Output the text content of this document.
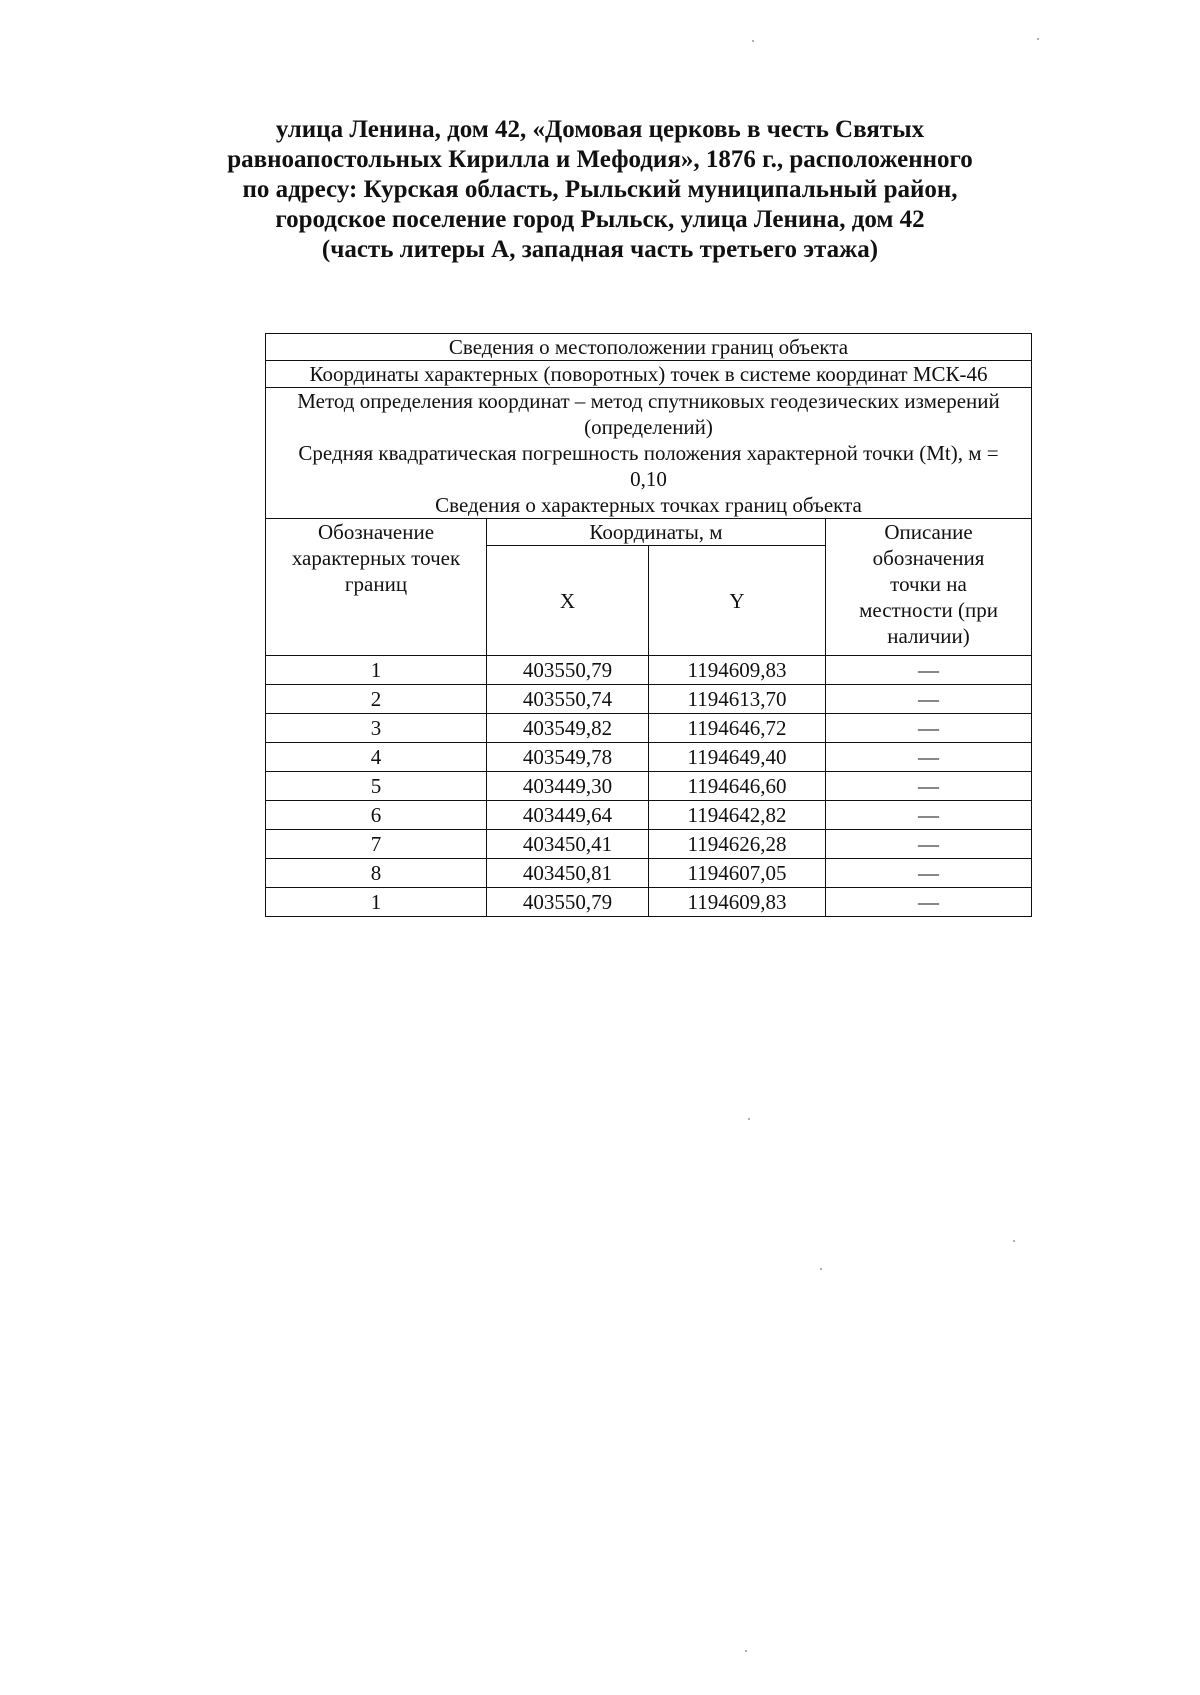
улица Ленина, дом 42, «Домовая церковь в честь Святых
равноапостольных Кирилла и Мефодия», 1876 г., расположенного
по адресу: Курская область, Рыльский муниципальный район,
городское поселение город Рыльск, улица Ленина, дом 42
(часть литеры А, западная часть третьего этажа)
Сведения о местоположении границ объекта			
Координаты характерных (поворотных) точек в системе координат МСК-46			

Метод определения координат – метод спутниковых геодезических измерений (определений)
Средняя квадратическая погрешность положения характерной точки (Mt), м = 0,10
Сведения о характерных точках границ объекта			

Обозначение характерных точек границ	Координаты, м		Описание обозначения точки на местности (при наличии)
	X	Y	
1	403550,79	1194609,83	—
2	403550,74	1194613,70	—
3	403549,82	1194646,72	—
4	403549,78	1194649,40	—
5	403449,30	1194646,60	—
6	403449,64	1194642,82	—
7	403450,41	1194626,28	—
8	403450,81	1194607,05	—
1	403550,79	1194609,83	—
